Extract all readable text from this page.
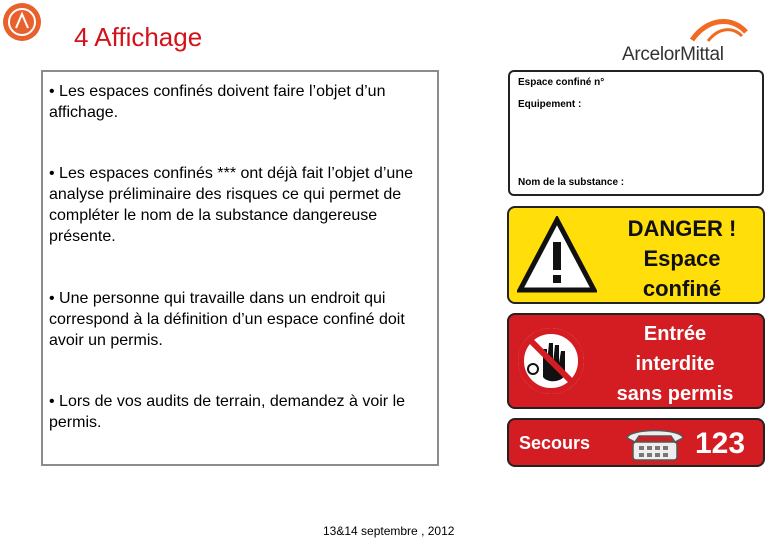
4 Affichage
ArcelorMittal
• Les espaces confinés doivent faire l’objet d’un affichage.
• Les espaces confinés *** ont déjà fait l’objet d’une analyse préliminaire des risques ce qui permet de compléter le nom de la substance dangereuse présente.
• Une personne qui travaille dans un endroit qui correspond à la définition d’un espace confiné doit avoir un permis.
• Lors de vos audits de terrain, demandez à voir le permis.
Espace confiné n°
Equipement :
Nom de la substance :
DANGER !
Espace
confiné
Entrée
interdite
sans permis
Secours	123
13&14 septembre , 2012
